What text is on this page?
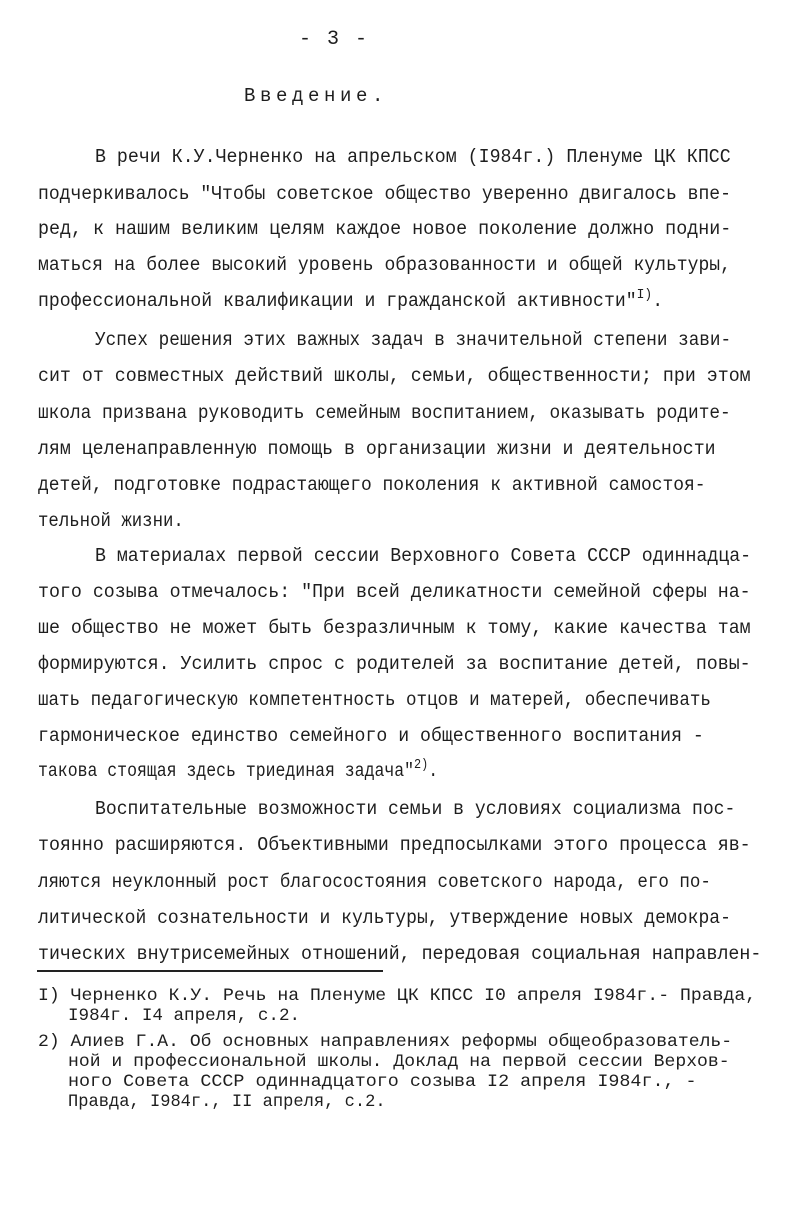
- 3 -
Введение.
В речи К.У.Черненко на апрельском (I984г.) Пленуме ЦК КПСС
подчеркивалось "Чтобы советское общество уверенно двигалось впе-
ред, к нашим великим целям каждое новое поколение должно подни-
маться на более высокий уровень образованности и общей культуры,
профессиональной квалификации и гражданской активности"$^{I)}$.
Успех решения этих важных задач в значительной степени зави-
сит от совместных действий школы, семьи, общественности; при этом
школа призвана руководить семейным воспитанием, оказывать родите-
лям целенаправленную помощь в организации жизни и деятельности
детей, подготовке подрастающего поколения к активной самостоя-
тельной жизни.
В материалах первой сессии Верховного Совета СССР одиннадца-
того созыва отмечалось: "При всей деликатности семейной сферы на-
ше общество не может быть безразличным к тому, какие качества там
формируются. Усилить спрос с родителей за воспитание детей, повы-
шать педагогическую компетентность отцов и матерей, обеспечивать
гармоническое единство семейного и общественного воспитания -
такова стоящая здесь триединая задача"$^{2)}$.
Воспитательные возможности семьи в условиях социализма пос-
тоянно расширяются. Объективными предпосылками этого процесса яв-
ляются неуклонный рост благосостояния советского народа, его по-
литической сознательности и культуры, утверждение новых демокра-
тических внутрисемейных отношений, передовая социальная направлен-
I) Черненко К.У. Речь на Пленуме ЦК КПСС I0 апреля I984г.- Правда,
I984г. I4 апреля, с.2.
2) Алиев Г.А. Об основных направлениях реформы общеобразователь-
ной и профессиональной школы. Доклад на первой сессии Верхов-
ного Совета СССР одиннадцатого созыва I2 апреля I984г., -
Правда, I984г., II апреля, с.2.
